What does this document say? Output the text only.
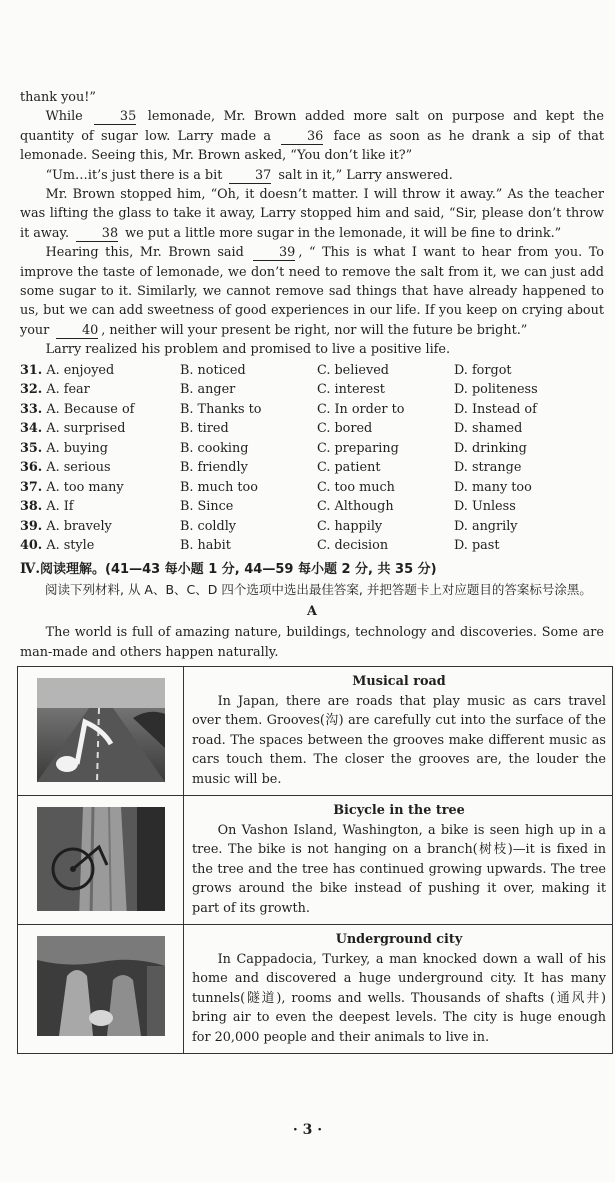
thank you!”

While	35 lemonade, Mr. Brown added more salt on purpose and kept the quantity of sugar low. Larry made a	36 face as soon as he drank a sip of that lemonade. Seeing this, Mr. Brown asked, “You don’t like it?”

“Um…it’s just there is a bit	37 salt in it,” Larry answered.

Mr. Brown stopped him, “Oh, it doesn’t matter. I will throw it away.” As the teacher was lifting the glass to take it away, Larry stopped him and said, “Sir, please don’t throw it away.	38 we put a little more sugar in the lemonade, it will be fine to drink.”

Hearing this, Mr. Brown said	39 , “ This is what I want to hear from you. To improve the taste of lemonade, we don’t need to remove the salt from it, we can just add some sugar to it. Similarly, we cannot remove sad things that have already happened to us, but we can add sweetness of good experiences in our life. If you keep on crying about your	40 , neither will your present be right, nor will the future be bright.”

Larry realized his problem and promised to live a positive life.

31. A. enjoyed	B. noticed	C. believed	D. forgot
32. A. fear	B. anger	C. interest	D. politeness
33. A. Because of	B. Thanks to	C. In order to	D. Instead of
34. A. surprised	B. tired	C. bored	D. shamed
35. A. buying	B. cooking	C. preparing	D. drinking
36. A. serious	B. friendly	C. patient	D. strange
37. A. too many	B. much too	C. too much	D. many too
38. A. If	B. Since	C. Although	D. Unless
39. A. bravely	B. coldly	C. happily	D. angrily
40. A. style	B. habit	C. decision	D. past
Ⅳ.阅读理解。(41—43 每小题 1 分, 44—59 每小题 2 分, 共 35 分)

阅读下列材料, 从 A、B、C、D 四个选项中选出最佳答案, 并把答题卡上对应题目的答案标号涂黑。

A

The world is full of amazing nature, buildings, technology and discoveries. Some are man-made and others happen naturally.

Musical road

In Japan, there are roads that play music as cars travel over them. Grooves(沟) are carefully cut into the surface of the road. The spaces between the grooves make different music as cars touch them. The closer the grooves are, the louder the music will be.

Bicycle in the tree

On Vashon Island, Washington, a bike is seen high up in a tree. The bike is not hanging on a branch(树枝)—it is fixed in the tree and the tree has continued growing upwards. The tree grows around the bike instead of pushing it over, making it part of its growth.

Underground city

In Cappadocia, Turkey, a man knocked down a wall of his home and discovered a huge underground city. It has many tunnels(隧道), rooms and wells. Thousands of shafts (通风井) bring air to even the deepest levels. The city is huge enough for 20,000 people and their animals to live in.

· 3 ·
